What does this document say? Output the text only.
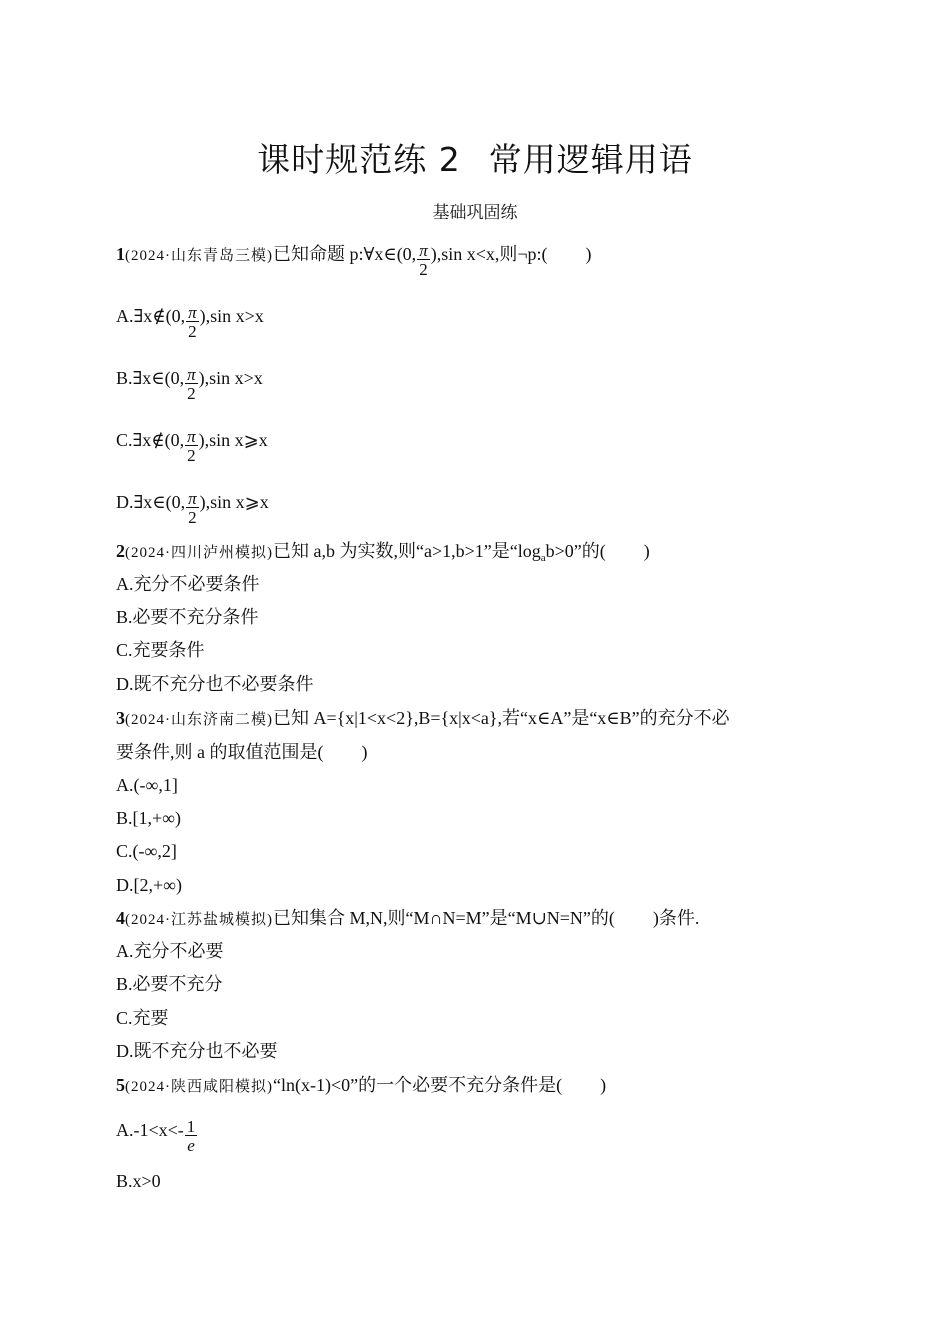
课时规范练 2 常用逻辑用语
基础巩固练
1(2024·山东青岛三模)已知命题 p:∀x∈(0, $\frac{\pi}{2} ),\sin$ x<x,则¬p:( )
A.∃x∉(0, $\frac{\pi}{2} ),\sin$ x>x
B.∃x∈(0, $\frac{\pi}{2} ),\sin$ x>x
C.∃x∉(0, $\frac{\pi}{2} ),\sin$ x⩾x
D.∃x∈(0, $\frac{\pi}{2} ),\sin$ x⩾x
2(2024·四川泸州模拟)已知 a,b 为实数,则“a>1,b>1”是“$\log_ab>0$”的( )
A.充分不必要条件
B.必要不充分条件
C.充要条件
D.既不充分也不必要条件
3(2024·山东济南二模)已知 A={x|1<x<2},B={x|x<a},若“x∈A”是“x∈B”的充分不必
要条件,则 a 的取值范围是( )
A.(-∞,1]
B.[1,+∞)
C.(-∞,2]
D.[2,+∞)
4(2024·江苏盐城模拟)已知集合 M,N,则“M∩N=M”是“M∪N=N”的( )条件.
A.充分不必要
B.必要不充分
C.充要
D.既不充分也不必要
5(2024·陕西咸阳模拟)“ln(x-1)<0”的一个必要不充分条件是( )
$A.-1<x<- \frac{1}{e}$
B.x>0
